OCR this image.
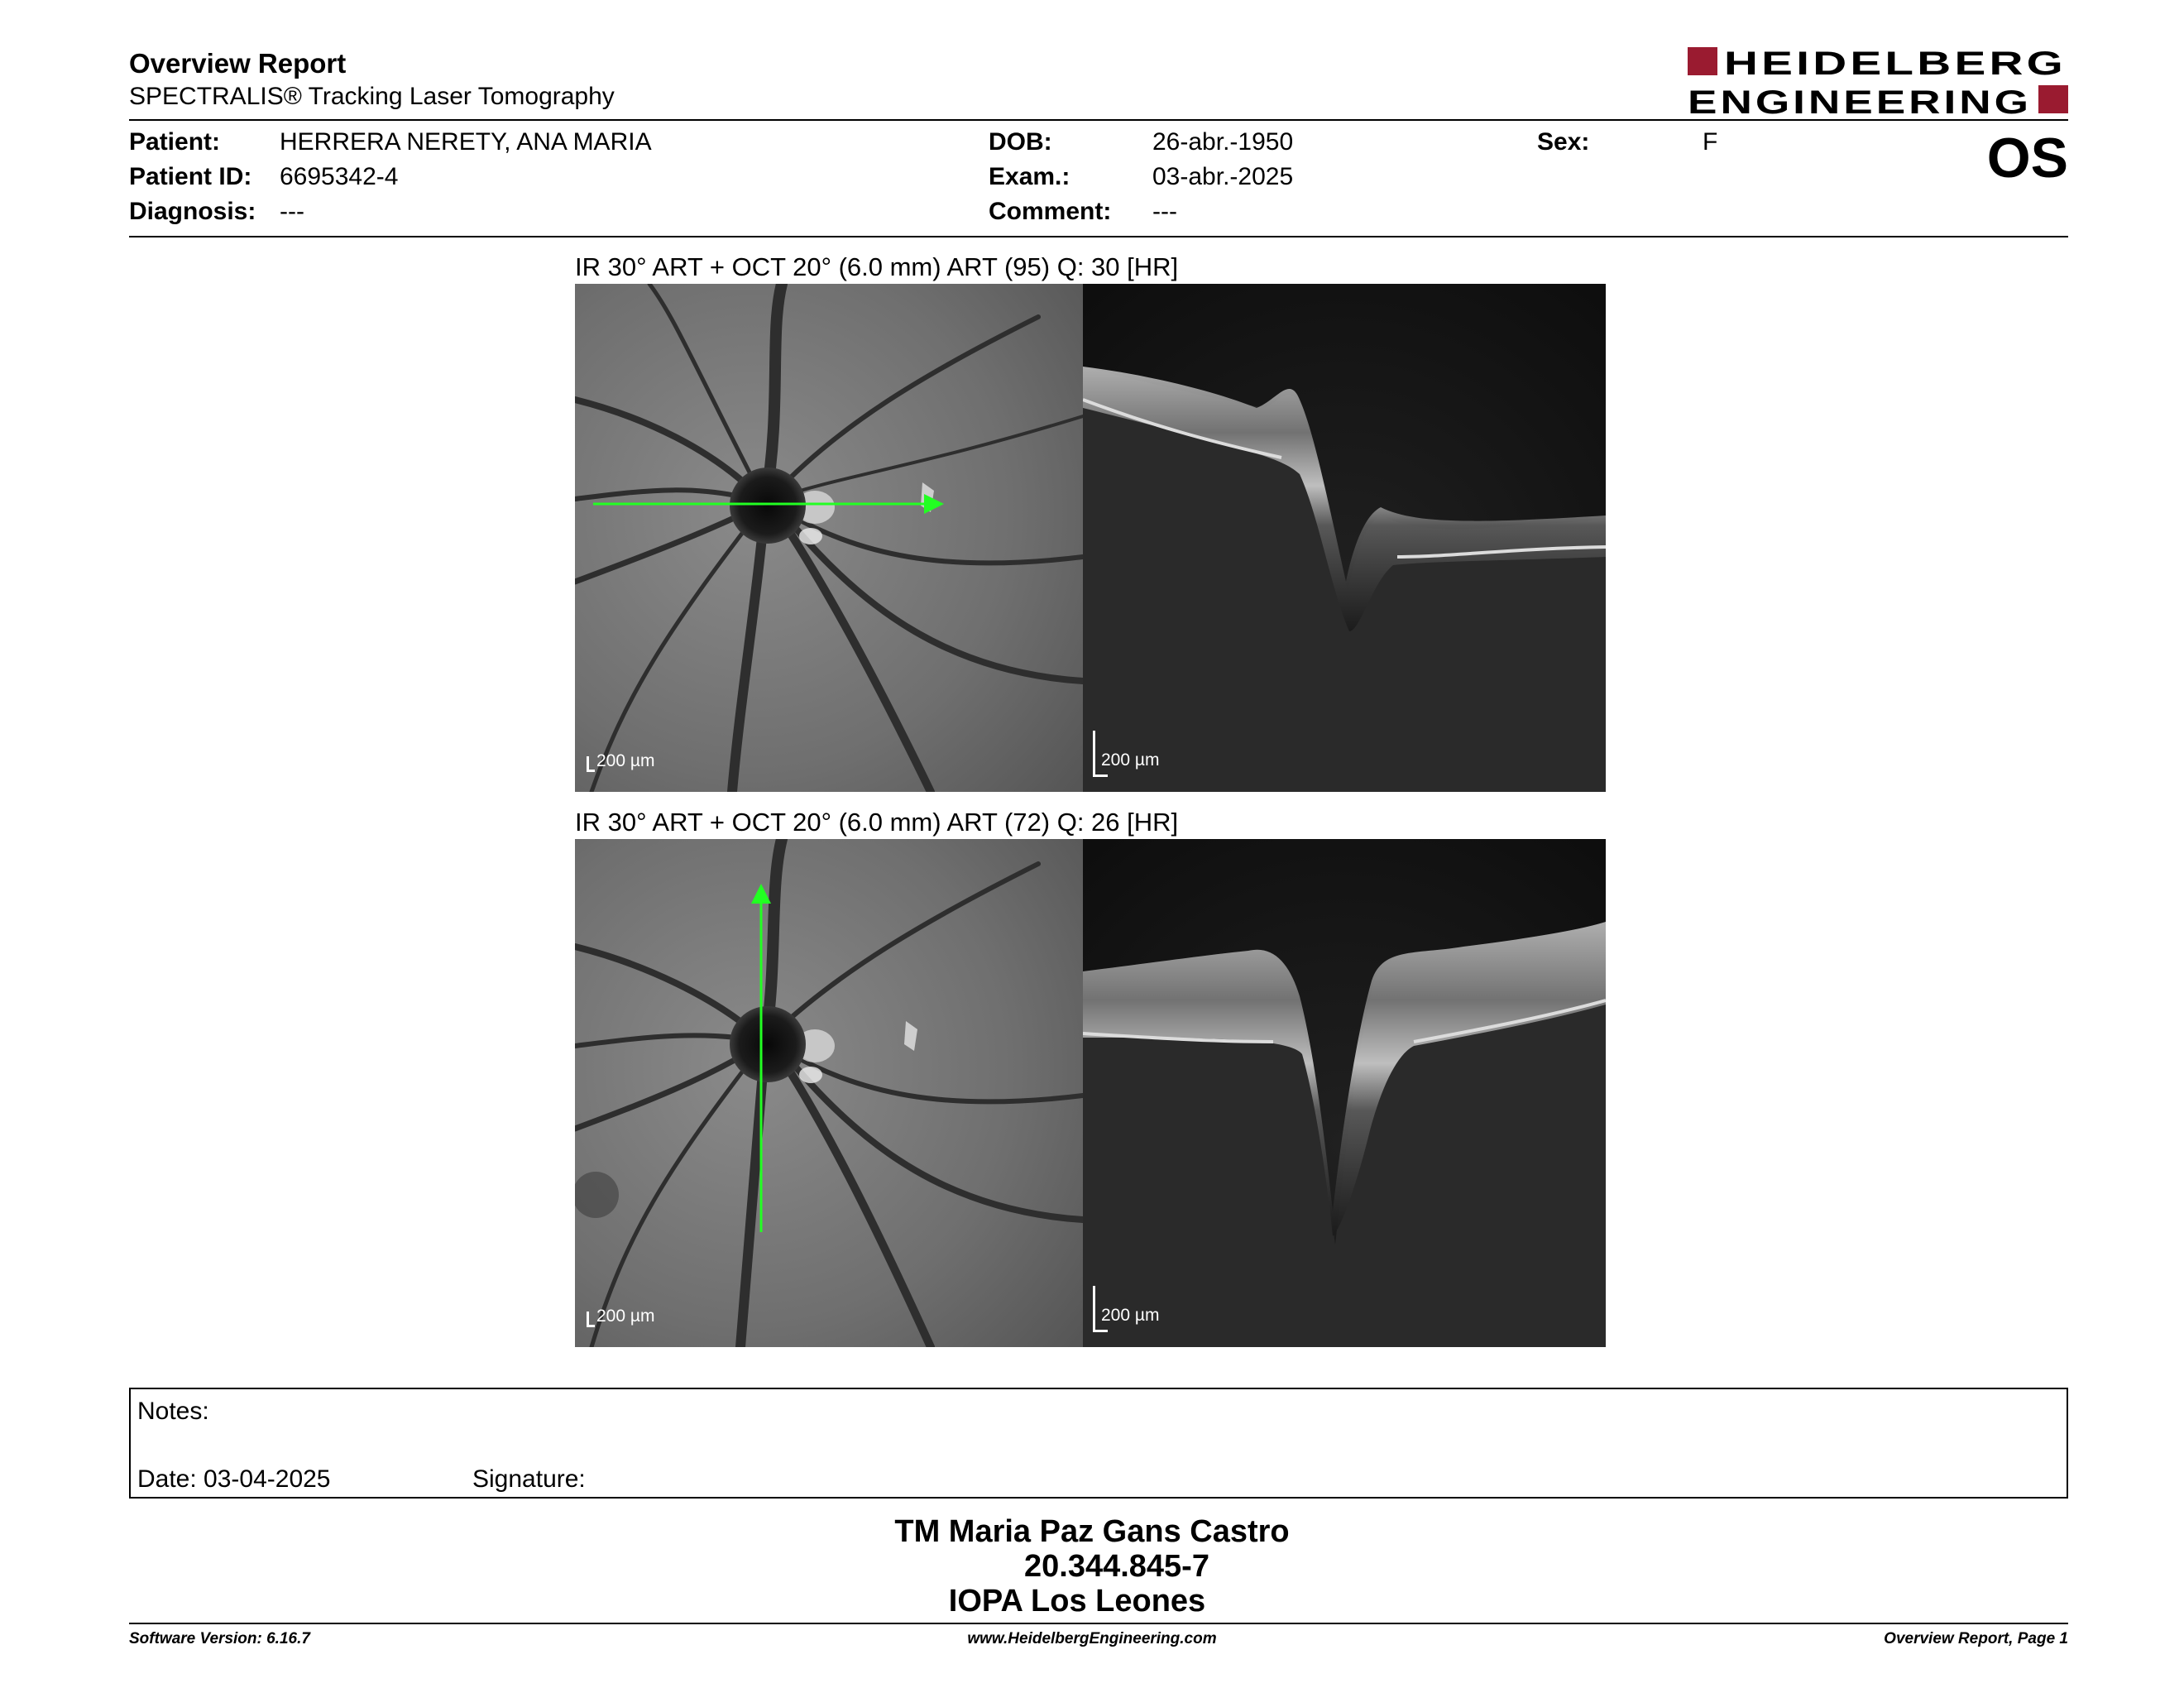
Overview Report
SPECTRALIS® Tracking Laser Tomography
HEIDELBERG
ENGINEERING
Patient: HERRERA NERETY, ANA MARIA
Patient ID: 6695342-4
Diagnosis: ---
DOB:	26-abr.-1950
Exam.:	03-abr.-2025
Comment: ---
Sex:	F	OS
IR 30° ART + OCT 20° (6.0 mm) ART (95) Q: 30 [HR]
200 µm	200 µm
IR 30° ART + OCT 20° (6.0 mm) ART (72) Q: 26 [HR]
200 µm	200 µm
Notes:
Date: 03-04-2025	Signature:
TM Maria Paz Gans Castro
20.344.845-7
IOPA Los Leones
Software Version: 6.16.7	www.HeidelbergEngineering.com	Overview Report, Page 1
